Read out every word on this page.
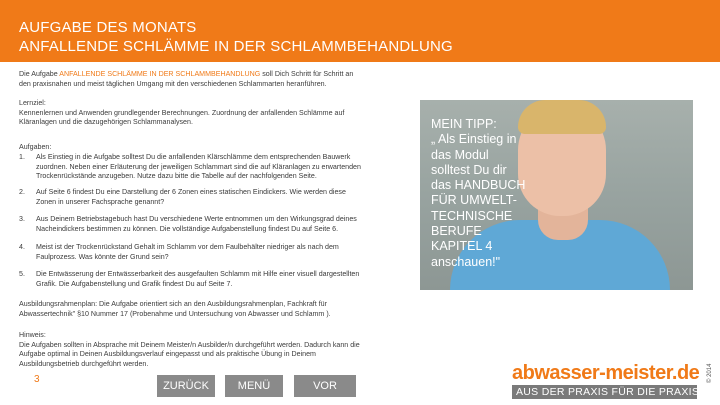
AUFGABE DES MONATS
ANFALLENDE SCHLÄMME IN DER SCHLAMMBEHANDLUNG

Die Aufgabe ANFALLENDE SCHLÄMME IN DER SCHLAMMBEHANDLUNG soll Dich Schritt für Schritt an

den praxisnahen und meist täglichen Umgang mit den verschiedenen Schlammarten heranführen.

Lernziel:

Kennenlernen und Anwenden grundlegender Berechnungen. Zuordnung der anfallenden Schlämme auf

Kläranlagen und die dazugehörigen Schlammanalysen.

Aufgaben:
1. Als Einstieg in die Aufgabe solltest Du die anfallenden Klärschlämme dem entsprechenden Bauwerk

zuordnen. Neben einer Erläuterung der jeweiligen Schlammart sind die auf Kläranlagen zu erwartenden

Trockenrückstände anzugeben. Nutze dazu bitte die Tabelle auf der nachfolgenden Seite.

2. Auf Seite 6 findest Du eine Darstellung der 6 Zonen eines statischen Eindickers. Wie werden diese

Zonen in unserer Fachsprache genannt?

3. Aus Deinem Betriebstagebuch hast Du verschiedene Werte entnommen um den Wirkungsgrad deines

Nacheindickers bestimmen zu können. Die vollständige Aufgabenstellung findest Du auf Seite 6.

4. Meist ist der Trockenrückstand Gehalt im Schlamm vor dem Faulbehälter niedriger als nach dem

Faulprozess. Was könnte der Grund sein?

5. Die Entwässerung der Entwässerbarkeit des ausgefaulten Schlamm mit Hilfe einer visuell dargestellten

Grafik. Die Aufgabenstellung und Grafik findest Du auf Seite 7.

Ausbildungsrahmenplan: Die Aufgabe orientiert sich an den Ausbildungsrahmenplan, Fachkraft für

Abwassertechnik" §10 Nummer 17 (Probenahme und Untersuchung von Abwasser und Schlamm ).

Hinweis:

Die Aufgaben sollten in Absprache mit Deinem Meister/n Ausbilder/n durchgeführt werden. Dadurch kann die

Aufgabe optimal in Deinen Ausbildungsverlauf eingepasst und als praktische Übung in Deinem

Ausbildungsbetrieb durchgeführt werden.

MEIN TIPP:

„ Als Einstieg in

das Modul

solltest Du dir

das HANDBUCH

FÜR UMWELT-

TECHNISCHE

BERUFE

KAPITEL 4

anschauen!"

© 2014
3
ZURÜCK	MENÜ	VOR
abwasser-meister.de
AUS DER PRAXIS FÜR DIE PRAXIS
